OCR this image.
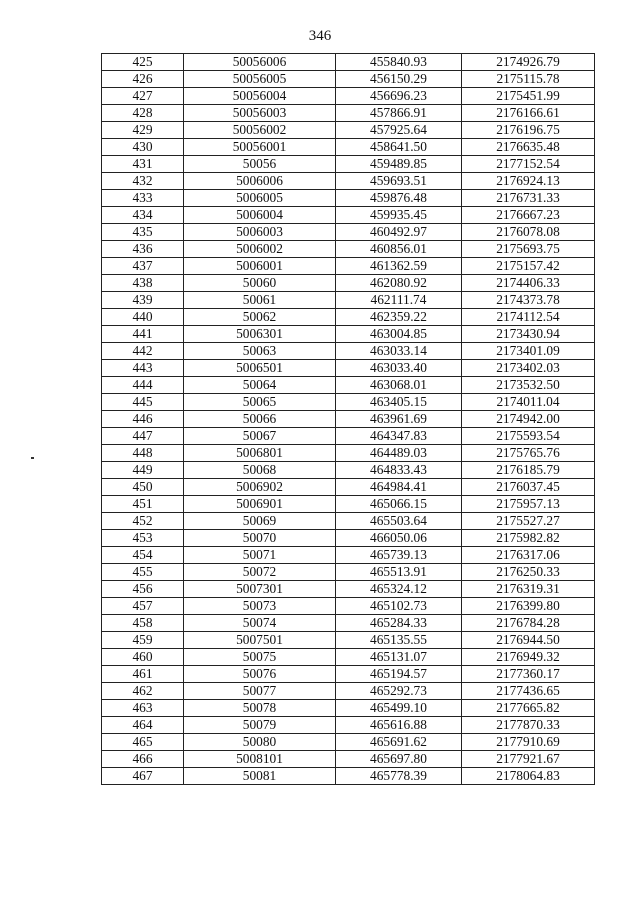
346
425	50056006	455840.93	2174926.79
426	50056005	456150.29	2175115.78
427	50056004	456696.23	2175451.99
428	50056003	457866.91	2176166.61
429	50056002	457925.64	2176196.75
430	50056001	458641.50	2176635.48
431	50056	459489.85	2177152.54
432	5006006	459693.51	2176924.13
433	5006005	459876.48	2176731.33
434	5006004	459935.45	2176667.23
435	5006003	460492.97	2176078.08
436	5006002	460856.01	2175693.75
437	5006001	461362.59	2175157.42
438	50060	462080.92	2174406.33
439	50061	462111.74	2174373.78
440	50062	462359.22	2174112.54
441	5006301	463004.85	2173430.94
442	50063	463033.14	2173401.09
443	5006501	463033.40	2173402.03
444	50064	463068.01	2173532.50
445	50065	463405.15	2174011.04
446	50066	463961.69	2174942.00
447	50067	464347.83	2175593.54
448	5006801	464489.03	2175765.76
449	50068	464833.43	2176185.79
450	5006902	464984.41	2176037.45
451	5006901	465066.15	2175957.13
452	50069	465503.64	2175527.27
453	50070	466050.06	2175982.82
454	50071	465739.13	2176317.06
455	50072	465513.91	2176250.33
456	5007301	465324.12	2176319.31
457	50073	465102.73	2176399.80
458	50074	465284.33	2176784.28
459	5007501	465135.55	2176944.50
460	50075	465131.07	2176949.32
461	50076	465194.57	2177360.17
462	50077	465292.73	2177436.65
463	50078	465499.10	2177665.82
464	50079	465616.88	2177870.33
465	50080	465691.62	2177910.69
466	5008101	465697.80	2177921.67
467	50081	465778.39	2178064.83
